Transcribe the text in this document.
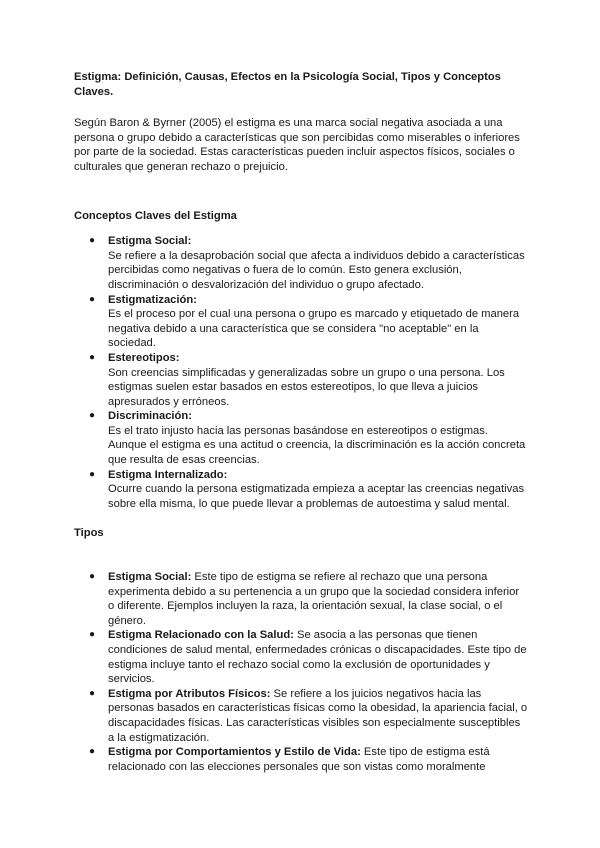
Estigma: Definición, Causas, Efectos en la Psicología Social, Tipos y Conceptos Claves.

Según Baron & Byrner (2005) el estigma es una marca social negativa asociada a una persona o grupo debido a características que son percibidas como miserables o inferiores por parte de la sociedad. Estas características pueden incluir aspectos físicos, sociales o culturales que generan rechazo o prejuicio.

Conceptos Claves del Estigma

● Estigma Social:
Se refiere a la desaprobación social que afecta a individuos debido a características percibidas como negativas o fuera de lo común. Esto genera exclusión, discriminación o desvalorización del individuo o grupo afectado.
● Estigmatización:
Es el proceso por el cual una persona o grupo es marcado y etiquetado de manera negativa debido a una característica que se considera "no aceptable" en la sociedad.
● Estereotipos:
Son creencias simplificadas y generalizadas sobre un grupo o una persona. Los estigmas suelen estar basados en estos estereotipos, lo que lleva a juicios apresurados y erróneos.
● Discriminación:
Es el trato injusto hacia las personas basándose en estereotipos o estigmas. Aunque el estigma es una actitud o creencia, la discriminación es la acción concreta que resulta de esas creencias.
● Estigma Internalizado:
Ocurre cuando la persona estigmatizada empieza a aceptar las creencias negativas sobre ella misma, lo que puede llevar a problemas de autoestima y salud mental.

Tipos

● Estigma Social: Este tipo de estigma se refiere al rechazo que una persona experimenta debido a su pertenencia a un grupo que la sociedad considera inferior o diferente. Ejemplos incluyen la raza, la orientación sexual, la clase social, o el género.
● Estigma Relacionado con la Salud: Se asocia a las personas que tienen condiciones de salud mental, enfermedades crónicas o discapacidades. Este tipo de estigma incluye tanto el rechazo social como la exclusión de oportunidades y servicios.
● Estigma por Atributos Físicos: Se refiere a los juicios negativos hacia las personas basados en características físicas como la obesidad, la apariencia facial, o discapacidades físicas. Las características visibles son especialmente susceptibles a la estigmatización.
● Estigma por Comportamientos y Estilo de Vida: Este tipo de estigma está relacionado con las elecciones personales que son vistas como moralmente
